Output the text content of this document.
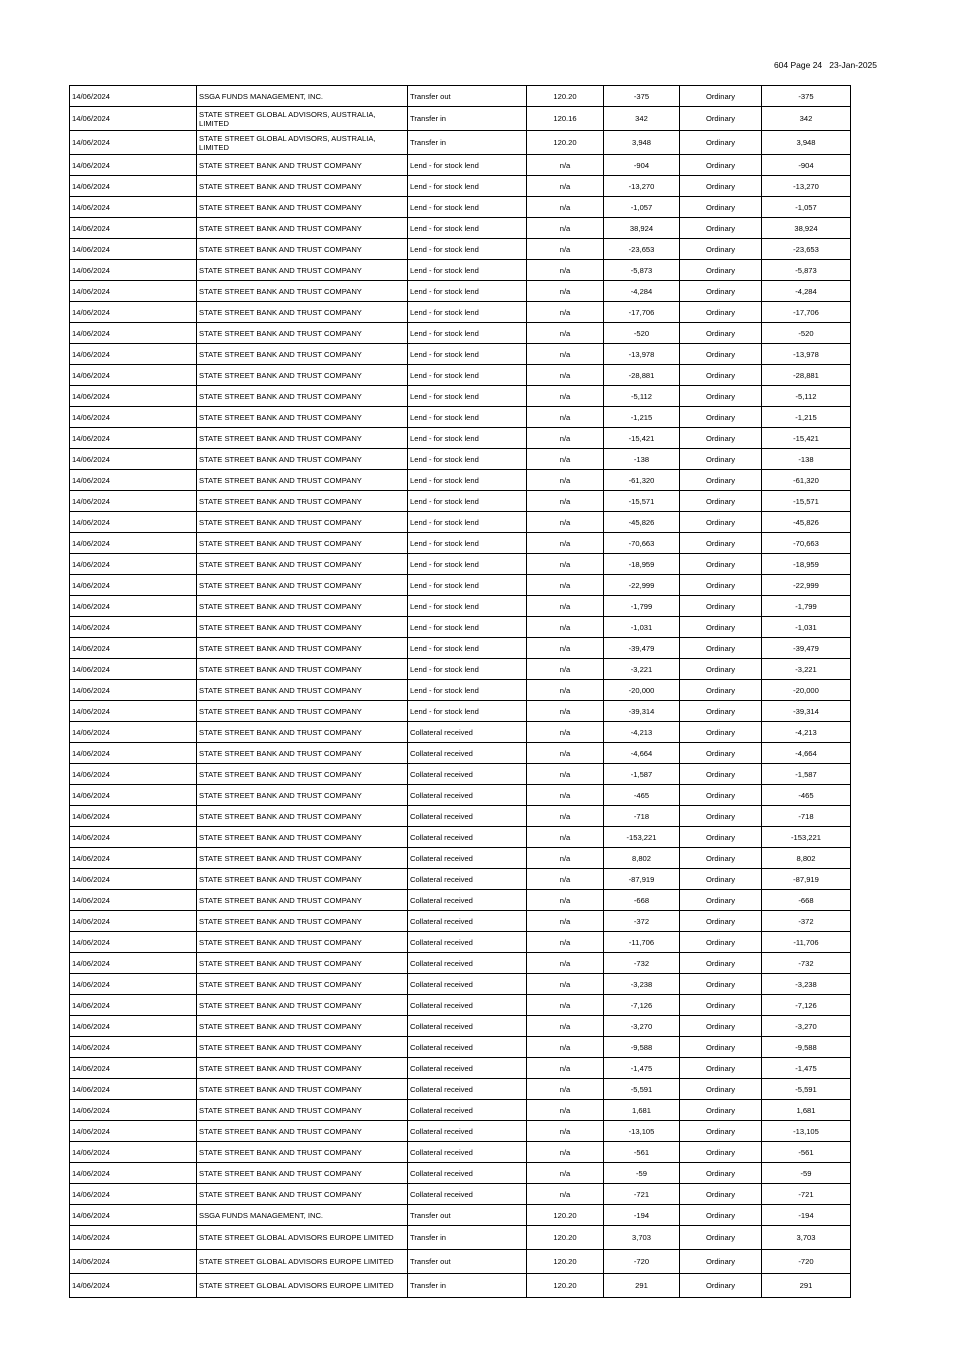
604 Page 24 23-Jan-2025
14/06/2024	SSGA FUNDS MANAGEMENT, INC.	Transfer out	120.20	-375	Ordinary	-375
14/06/2024	STATE STREET GLOBAL ADVISORS, AUSTRALIA, LIMITED	Transfer in	120.16	342	Ordinary	342
14/06/2024	STATE STREET GLOBAL ADVISORS, AUSTRALIA, LIMITED	Transfer in	120.20	3,948	Ordinary	3,948
14/06/2024	STATE STREET BANK AND TRUST COMPANY	Lend - for stock lend	n/a	-904	Ordinary	-904
14/06/2024	STATE STREET BANK AND TRUST COMPANY	Lend - for stock lend	n/a	-13,270	Ordinary	-13,270
14/06/2024	STATE STREET BANK AND TRUST COMPANY	Lend - for stock lend	n/a	-1,057	Ordinary	-1,057
14/06/2024	STATE STREET BANK AND TRUST COMPANY	Lend - for stock lend	n/a	38,924	Ordinary	38,924
14/06/2024	STATE STREET BANK AND TRUST COMPANY	Lend - for stock lend	n/a	-23,653	Ordinary	-23,653
14/06/2024	STATE STREET BANK AND TRUST COMPANY	Lend - for stock lend	n/a	-5,873	Ordinary	-5,873
14/06/2024	STATE STREET BANK AND TRUST COMPANY	Lend - for stock lend	n/a	-4,284	Ordinary	-4,284
14/06/2024	STATE STREET BANK AND TRUST COMPANY	Lend - for stock lend	n/a	-17,706	Ordinary	-17,706
14/06/2024	STATE STREET BANK AND TRUST COMPANY	Lend - for stock lend	n/a	-520	Ordinary	-520
14/06/2024	STATE STREET BANK AND TRUST COMPANY	Lend - for stock lend	n/a	-13,978	Ordinary	-13,978
14/06/2024	STATE STREET BANK AND TRUST COMPANY	Lend - for stock lend	n/a	-28,881	Ordinary	-28,881
14/06/2024	STATE STREET BANK AND TRUST COMPANY	Lend - for stock lend	n/a	-5,112	Ordinary	-5,112
14/06/2024	STATE STREET BANK AND TRUST COMPANY	Lend - for stock lend	n/a	-1,215	Ordinary	-1,215
14/06/2024	STATE STREET BANK AND TRUST COMPANY	Lend - for stock lend	n/a	-15,421	Ordinary	-15,421
14/06/2024	STATE STREET BANK AND TRUST COMPANY	Lend - for stock lend	n/a	-138	Ordinary	-138
14/06/2024	STATE STREET BANK AND TRUST COMPANY	Lend - for stock lend	n/a	-61,320	Ordinary	-61,320
14/06/2024	STATE STREET BANK AND TRUST COMPANY	Lend - for stock lend	n/a	-15,571	Ordinary	-15,571
14/06/2024	STATE STREET BANK AND TRUST COMPANY	Lend - for stock lend	n/a	-45,826	Ordinary	-45,826
14/06/2024	STATE STREET BANK AND TRUST COMPANY	Lend - for stock lend	n/a	-70,663	Ordinary	-70,663
14/06/2024	STATE STREET BANK AND TRUST COMPANY	Lend - for stock lend	n/a	-18,959	Ordinary	-18,959
14/06/2024	STATE STREET BANK AND TRUST COMPANY	Lend - for stock lend	n/a	-22,999	Ordinary	-22,999
14/06/2024	STATE STREET BANK AND TRUST COMPANY	Lend - for stock lend	n/a	-1,799	Ordinary	-1,799
14/06/2024	STATE STREET BANK AND TRUST COMPANY	Lend - for stock lend	n/a	-1,031	Ordinary	-1,031
14/06/2024	STATE STREET BANK AND TRUST COMPANY	Lend - for stock lend	n/a	-39,479	Ordinary	-39,479
14/06/2024	STATE STREET BANK AND TRUST COMPANY	Lend - for stock lend	n/a	-3,221	Ordinary	-3,221
14/06/2024	STATE STREET BANK AND TRUST COMPANY	Lend - for stock lend	n/a	-20,000	Ordinary	-20,000
14/06/2024	STATE STREET BANK AND TRUST COMPANY	Lend - for stock lend	n/a	-39,314	Ordinary	-39,314
14/06/2024	STATE STREET BANK AND TRUST COMPANY	Collateral received	n/a	-4,213	Ordinary	-4,213
14/06/2024	STATE STREET BANK AND TRUST COMPANY	Collateral received	n/a	-4,664	Ordinary	-4,664
14/06/2024	STATE STREET BANK AND TRUST COMPANY	Collateral received	n/a	-1,587	Ordinary	-1,587
14/06/2024	STATE STREET BANK AND TRUST COMPANY	Collateral received	n/a	-465	Ordinary	-465
14/06/2024	STATE STREET BANK AND TRUST COMPANY	Collateral received	n/a	-718	Ordinary	-718
14/06/2024	STATE STREET BANK AND TRUST COMPANY	Collateral received	n/a	-153,221	Ordinary	-153,221
14/06/2024	STATE STREET BANK AND TRUST COMPANY	Collateral received	n/a	8,802	Ordinary	8,802
14/06/2024	STATE STREET BANK AND TRUST COMPANY	Collateral received	n/a	-87,919	Ordinary	-87,919
14/06/2024	STATE STREET BANK AND TRUST COMPANY	Collateral received	n/a	-668	Ordinary	-668
14/06/2024	STATE STREET BANK AND TRUST COMPANY	Collateral received	n/a	-372	Ordinary	-372
14/06/2024	STATE STREET BANK AND TRUST COMPANY	Collateral received	n/a	-11,706	Ordinary	-11,706
14/06/2024	STATE STREET BANK AND TRUST COMPANY	Collateral received	n/a	-732	Ordinary	-732
14/06/2024	STATE STREET BANK AND TRUST COMPANY	Collateral received	n/a	-3,238	Ordinary	-3,238
14/06/2024	STATE STREET BANK AND TRUST COMPANY	Collateral received	n/a	-7,126	Ordinary	-7,126
14/06/2024	STATE STREET BANK AND TRUST COMPANY	Collateral received	n/a	-3,270	Ordinary	-3,270
14/06/2024	STATE STREET BANK AND TRUST COMPANY	Collateral received	n/a	-9,588	Ordinary	-9,588
14/06/2024	STATE STREET BANK AND TRUST COMPANY	Collateral received	n/a	-1,475	Ordinary	-1,475
14/06/2024	STATE STREET BANK AND TRUST COMPANY	Collateral received	n/a	-5,591	Ordinary	-5,591
14/06/2024	STATE STREET BANK AND TRUST COMPANY	Collateral received	n/a	1,681	Ordinary	1,681
14/06/2024	STATE STREET BANK AND TRUST COMPANY	Collateral received	n/a	-13,105	Ordinary	-13,105
14/06/2024	STATE STREET BANK AND TRUST COMPANY	Collateral received	n/a	-561	Ordinary	-561
14/06/2024	STATE STREET BANK AND TRUST COMPANY	Collateral received	n/a	-59	Ordinary	-59
14/06/2024	STATE STREET BANK AND TRUST COMPANY	Collateral received	n/a	-721	Ordinary	-721
14/06/2024	SSGA FUNDS MANAGEMENT, INC.	Transfer out	120.20	-194	Ordinary	-194
14/06/2024	STATE STREET GLOBAL ADVISORS EUROPE LIMITED	Transfer in	120.20	3,703	Ordinary	3,703
14/06/2024	STATE STREET GLOBAL ADVISORS EUROPE LIMITED	Transfer out	120.20	-720	Ordinary	-720
14/06/2024	STATE STREET GLOBAL ADVISORS EUROPE LIMITED	Transfer in	120.20	291	Ordinary	291
